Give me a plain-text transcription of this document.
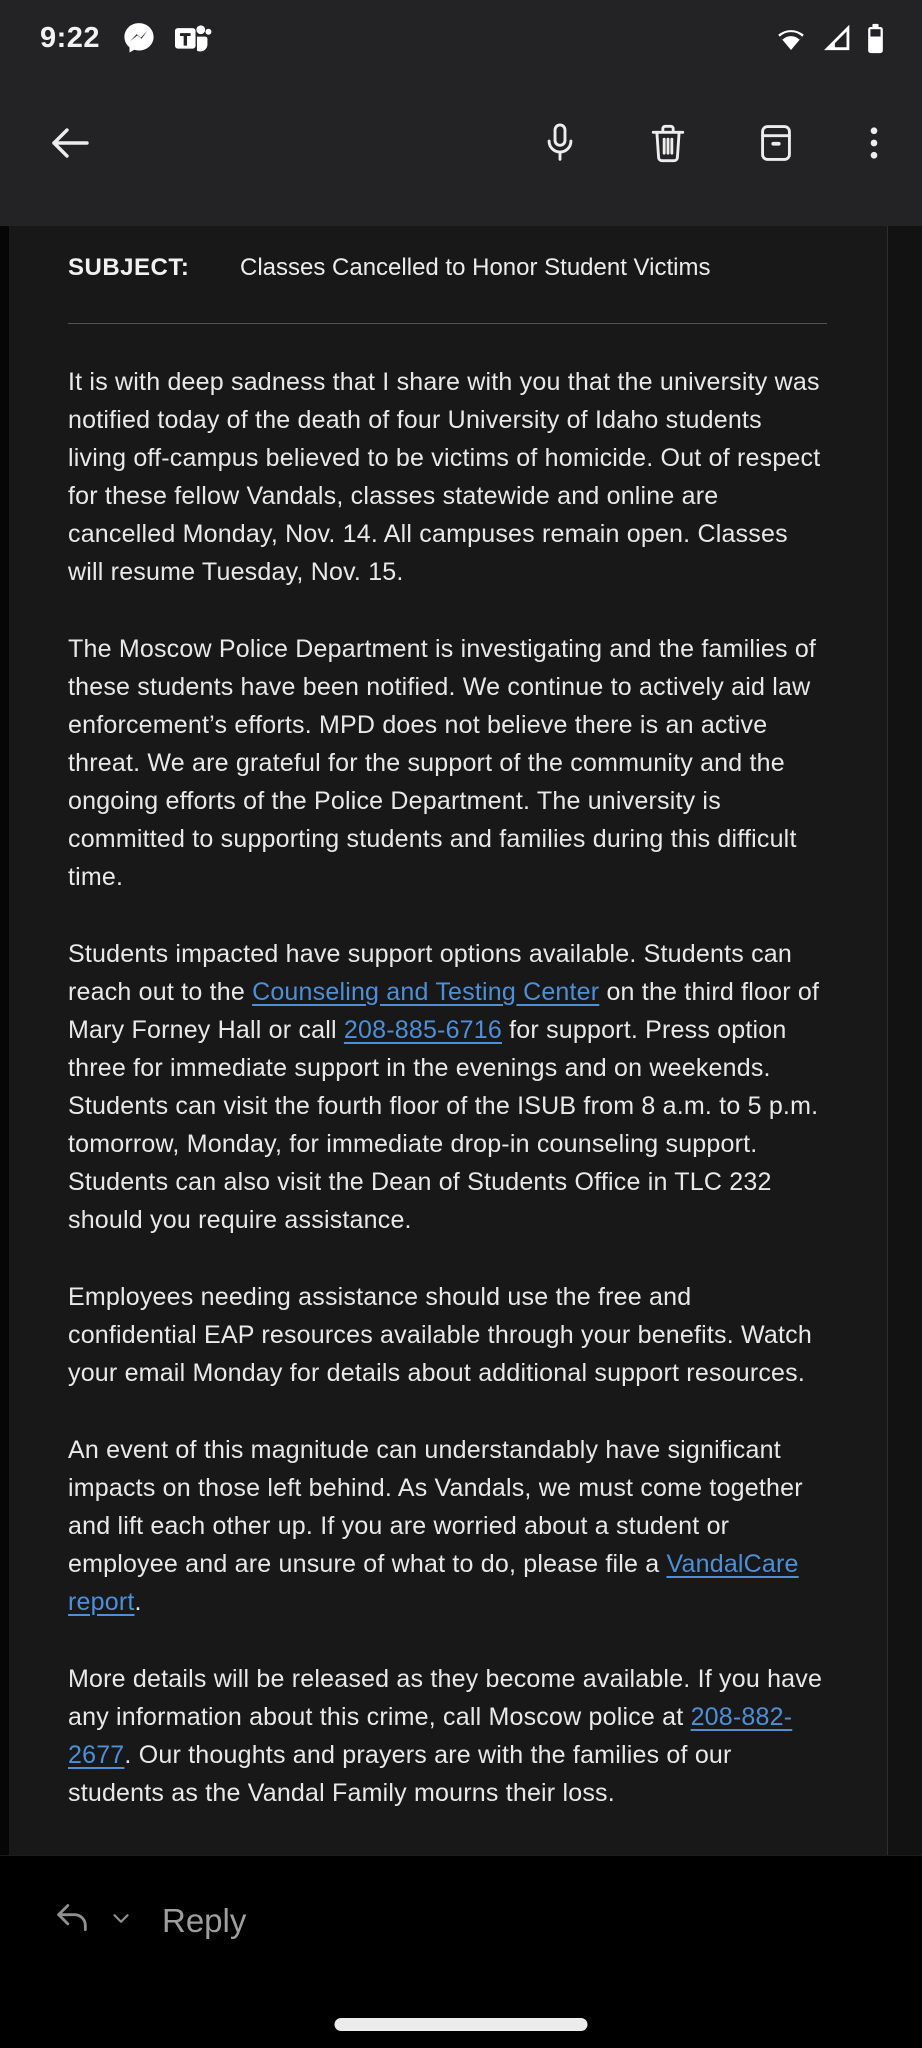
9:22
SUBJECT:	Classes Cancelled to Honor Student Victims

It is with deep sadness that I share with you that the university was notified today of the death of four University of Idaho students living off-campus believed to be victims of homicide. Out of respect for these fellow Vandals, classes statewide and online are cancelled Monday, Nov. 14. All campuses remain open. Classes will resume Tuesday, Nov. 15.

The Moscow Police Department is investigating and the families of these students have been notified. We continue to actively aid law enforcement’s efforts. MPD does not believe there is an active threat. We are grateful for the support of the community and the ongoing efforts of the Police Department. The university is committed to supporting students and families during this difficult time.

Students impacted have support options available. Students can reach out to the Counseling and Testing Center on the third floor of Mary Forney Hall or call 208-885-6716 for support. Press option three for immediate support in the evenings and on weekends. Students can visit the fourth floor of the ISUB from 8 a.m. to 5 p.m. tomorrow, Monday, for immediate drop-in counseling support. Students can also visit the Dean of Students Office in TLC 232 should you require assistance.

Employees needing assistance should use the free and confidential EAP resources available through your benefits. Watch your email Monday for details about additional support resources.

An event of this magnitude can understandably have significant impacts on those left behind. As Vandals, we must come together and lift each other up. If you are worried about a student or employee and are unsure of what to do, please file a VandalCare report.

More details will be released as they become available. If you have any information about this crime, call Moscow police at 208-882-2677. Our thoughts and prayers are with the families of our students as the Vandal Family mourns their loss.

Reply
